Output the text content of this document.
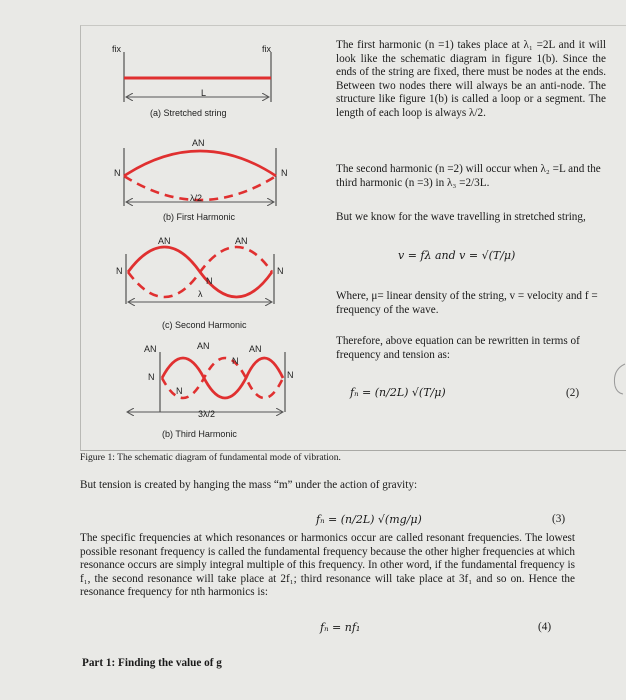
fix	fix
L
(a) Stretched string
AN
N	N
λ/2
(b) First Harmonic
AN	AN
N
N
N
λ
(c) Second Harmonic
AN	AN	AN
N
N
N
N
3λ/2
(b) Third Harmonic
The first harmonic (n =1) takes place at λ₁ =2L and it will look like the schematic diagram in figure 1(b). Since the ends of the string are fixed, there must be nodes at the ends. Between two nodes there will always be an anti-node. The structure like figure 1(b) is called a loop or a segment. The length of each loop is always λ/2.
The second harmonic (n =2) will occur when λ₂ =L and the third harmonic (n =3) in λ₃ =2/3L.
But we know for the wave travelling in stretched string,
v = fλ and v = √(T/μ)
Where, μ= linear density of the string, v = velocity and f = frequency of the wave.
Therefore, above equation can be rewritten in terms of frequency and tension as:
fₙ = (n/2L) √(T/μ)	(2)
Figure 1: The schematic diagram of fundamental mode of vibration.
But tension is created by hanging the mass “m” under the action of gravity:
fₙ = (n/2L) √(mg/μ)	(3)
The specific frequencies at which resonances or harmonics occur are called resonant frequencies. The lowest possible resonant frequency is called the fundamental frequency because the other higher frequencies at which resonance occurs are simply integral multiple of this frequency. In other word, if the fundamental frequency is f₁, the second resonance will take place at 2f₁; third resonance will take place at 3f₁ and so on. Hence the resonance frequency for nth harmonics is:
fₙ = nf₁	(4)
Part 1: Finding the value of g
